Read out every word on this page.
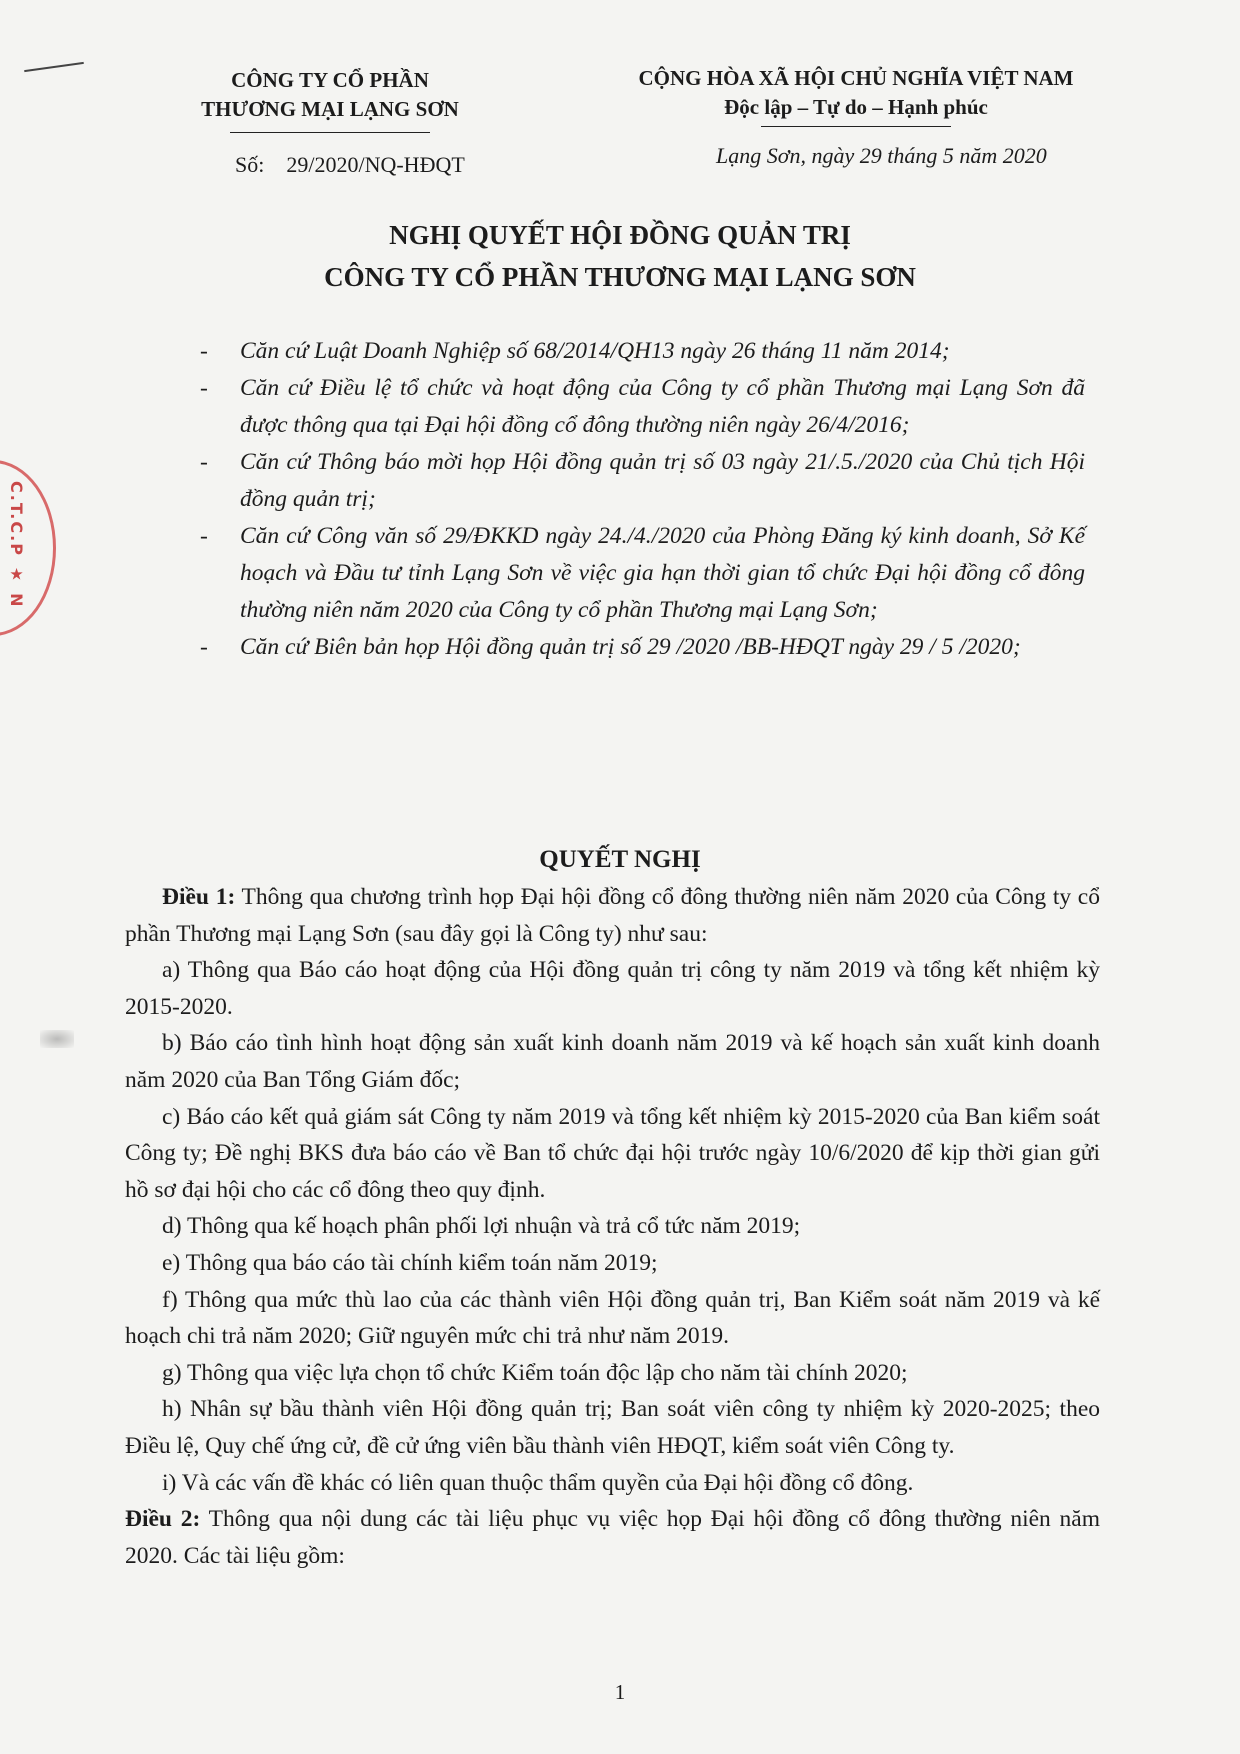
C.T.C.P ★ N
CÔNG TY CỔ PHẦN
THƯƠNG MẠI LẠNG SƠN
CỘNG HÒA XÃ HỘI CHỦ NGHĨA VIỆT NAM
Độc lập – Tự do – Hạnh phúc
Số: 29/2020/NQ-HĐQT	Lạng Sơn, ngày 29 tháng 5 năm 2020
NGHỊ QUYẾT HỘI ĐỒNG QUẢN TRỊ
CÔNG TY CỔ PHẦN THƯƠNG MẠI LẠNG SƠN
- Căn cứ Luật Doanh Nghiệp số 68/2014/QH13 ngày 26 tháng 11 năm 2014;
- Căn cứ Điều lệ tổ chức và hoạt động của Công ty cổ phần Thương mại Lạng Sơn đã được thông qua tại Đại hội đồng cổ đông thường niên ngày 26/4/2016;
- Căn cứ Thông báo mời họp Hội đồng quản trị số 03 ngày 21/.5./2020 của Chủ tịch Hội đồng quản trị;
- Căn cứ Công văn số 29/ĐKKD ngày 24./4./2020 của Phòng Đăng ký kinh doanh, Sở Kế hoạch và Đầu tư tỉnh Lạng Sơn về việc gia hạn thời gian tổ chức Đại hội đồng cổ đông thường niên năm 2020 của Công ty cổ phần Thương mại Lạng Sơn;
- Căn cứ Biên bản họp Hội đồng quản trị số 29 /2020 /BB-HĐQT ngày 29 / 5 /2020;
QUYẾT NGHỊ

Điều 1: Thông qua chương trình họp Đại hội đồng cổ đông thường niên năm 2020 của Công ty cổ phần Thương mại Lạng Sơn (sau đây gọi là Công ty) như sau:

a) Thông qua Báo cáo hoạt động của Hội đồng quản trị công ty năm 2019 và tổng kết nhiệm kỳ 2015-2020.

b) Báo cáo tình hình hoạt động sản xuất kinh doanh năm 2019 và kế hoạch sản xuất kinh doanh năm 2020 của Ban Tổng Giám đốc;

c) Báo cáo kết quả giám sát Công ty năm 2019 và tổng kết nhiệm kỳ 2015-2020 của Ban kiểm soát Công ty; Đề nghị BKS đưa báo cáo về Ban tổ chức đại hội trước ngày 10/6/2020 để kịp thời gian gửi hồ sơ đại hội cho các cổ đông theo quy định.

d) Thông qua kế hoạch phân phối lợi nhuận và trả cổ tức năm 2019;

e) Thông qua báo cáo tài chính kiểm toán năm 2019;

f) Thông qua mức thù lao của các thành viên Hội đồng quản trị, Ban Kiểm soát năm 2019 và kế hoạch chi trả năm 2020; Giữ nguyên mức chi trả như năm 2019.

g) Thông qua việc lựa chọn tổ chức Kiểm toán độc lập cho năm tài chính 2020;

h) Nhân sự bầu thành viên Hội đồng quản trị; Ban soát viên công ty nhiệm kỳ 2020-2025; theo Điều lệ, Quy chế ứng cử, đề cử ứng viên bầu thành viên HĐQT, kiểm soát viên Công ty.

i) Và các vấn đề khác có liên quan thuộc thẩm quyền của Đại hội đồng cổ đông.

Điều 2: Thông qua nội dung các tài liệu phục vụ việc họp Đại hội đồng cổ đông thường niên năm 2020. Các tài liệu gồm:

1
